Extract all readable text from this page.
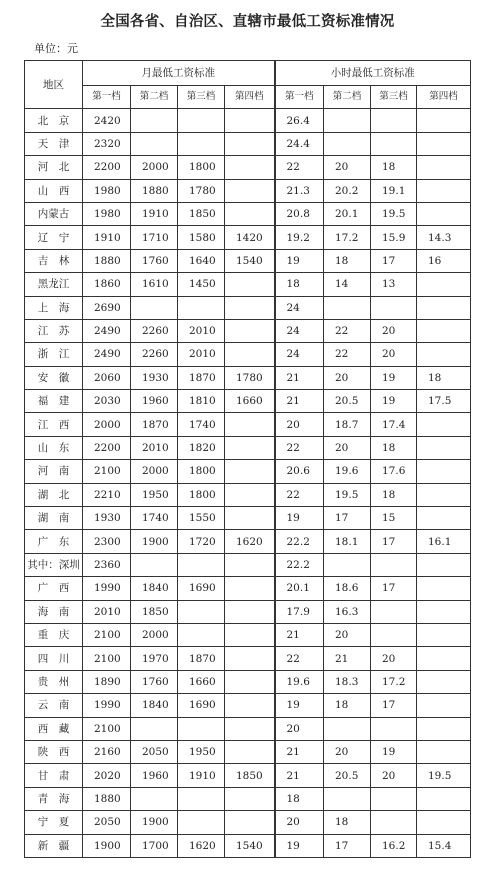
全国各省、自治区、直辖市最低工资标准情况
单位：元
地区	月最低工资标准				小时最低工资标准			
	第一档	第二档	第三档	第四档	第一档	第二档	第三档	第四档
北　京	2420				26.4			
天　津	2320				24.4			
河　北	2200	2000	1800		22	20	18	
山　西	1980	1880	1780		21.3	20.2	19.1	
内蒙古	1980	1910	1850		20.8	20.1	19.5	
辽　宁	1910	1710	1580	1420	19.2	17.2	15.9	14.3
吉　林	1880	1760	1640	1540	19	18	17	16
黑龙江	1860	1610	1450		18	14	13	
上　海	2690				24			
江　苏	2490	2260	2010		24	22	20	
浙　江	2490	2260	2010		24	22	20	
安　徽	2060	1930	1870	1780	21	20	19	18
福　建	2030	1960	1810	1660	21	20.5	19	17.5
江　西	2000	1870	1740		20	18.7	17.4	
山　东	2200	2010	1820		22	20	18	
河　南	2100	2000	1800		20.6	19.6	17.6	
湖　北	2210	1950	1800		22	19.5	18	
湖　南	1930	1740	1550		19	17	15	
广　东	2300	1900	1720	1620	22.2	18.1	17	16.1
其中：深圳	2360				22.2			
广　西	1990	1840	1690		20.1	18.6	17	
海　南	2010	1850			17.9	16.3		
重　庆	2100	2000			21	20		
四　川	2100	1970	1870		22	21	20	
贵　州	1890	1760	1660		19.6	18.3	17.2	
云　南	1990	1840	1690		19	18	17	
西　藏	2100				20			
陕　西	2160	2050	1950		21	20	19	
甘　肃	2020	1960	1910	1850	21	20.5	20	19.5
青　海	1880				18			
宁　夏	2050	1900			20	18		
新　疆	1900	1700	1620	1540	19	17	16.2	15.4
